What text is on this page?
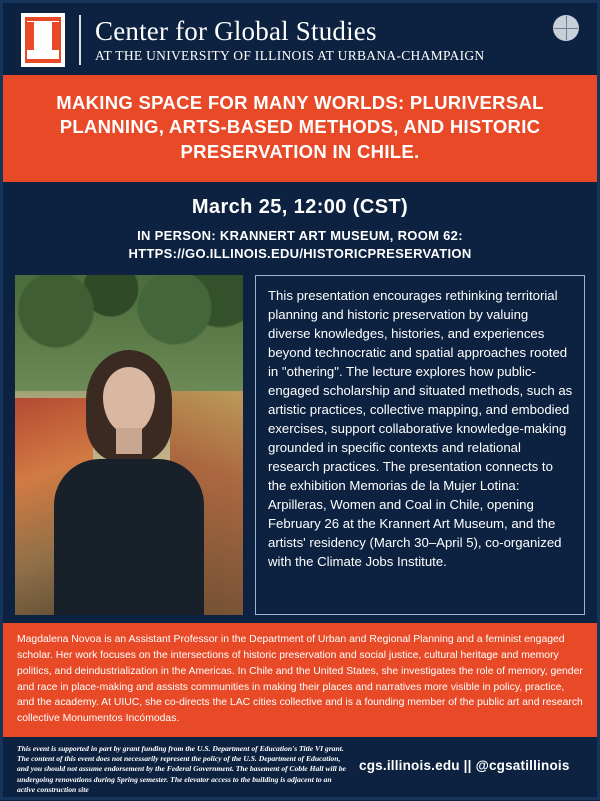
Center for Global Studies
AT THE UNIVERSITY OF ILLINOIS AT URBANA-CHAMPAIGN
MAKING SPACE FOR MANY WORLDS: PLURIVERSAL PLANNING, ARTS-BASED METHODS, AND HISTORIC PRESERVATION IN CHILE.
March 25, 12:00 (CST)
IN PERSON: KRANNERT ART MUSEUM, ROOM 62:
HTTPS://GO.ILLINOIS.EDU/HISTORICPRESERVATION
This presentation encourages rethinking territorial planning and historic preservation by valuing diverse knowledges, histories, and experiences beyond technocratic and spatial approaches rooted in "othering". The lecture explores how public-engaged scholarship and situated methods, such as artistic practices, collective mapping, and embodied exercises, support collaborative knowledge-making grounded in specific contexts and relational research practices. The presentation connects to the exhibition Memorias de la Mujer Lotina: Arpilleras, Women and Coal in Chile, opening February 26 at the Krannert Art Museum, and the artists' residency (March 30–April 5), co-organized with the Climate Jobs Institute.
Magdalena Novoa is an Assistant Professor in the Department of Urban and Regional Planning and a feminist engaged scholar. Her work focuses on the intersections of historic preservation and social justice, cultural heritage and memory politics, and deindustrialization in the Americas. In Chile and the United States, she investigates the role of memory, gender and race in place-making and assists communities in making their places and narratives more visible in policy, practice, and the academy. At UIUC, she co-directs the LAC cities collective and is a founding member of the public art and research collective Monumentos Incómodas.
This event is supported in part by grant funding from the U.S. Department of Education's Title VI grant. The content of this event does not necessarily represent the policy of the U.S. Department of Education, and you should not assume endorsement by the Federal Government. The basement of Coble Hall will be undergoing renovations during Spring semester. The elevator access to the building is adjacent to an active construction site
cgs.illinois.edu || @cgsatillinois
